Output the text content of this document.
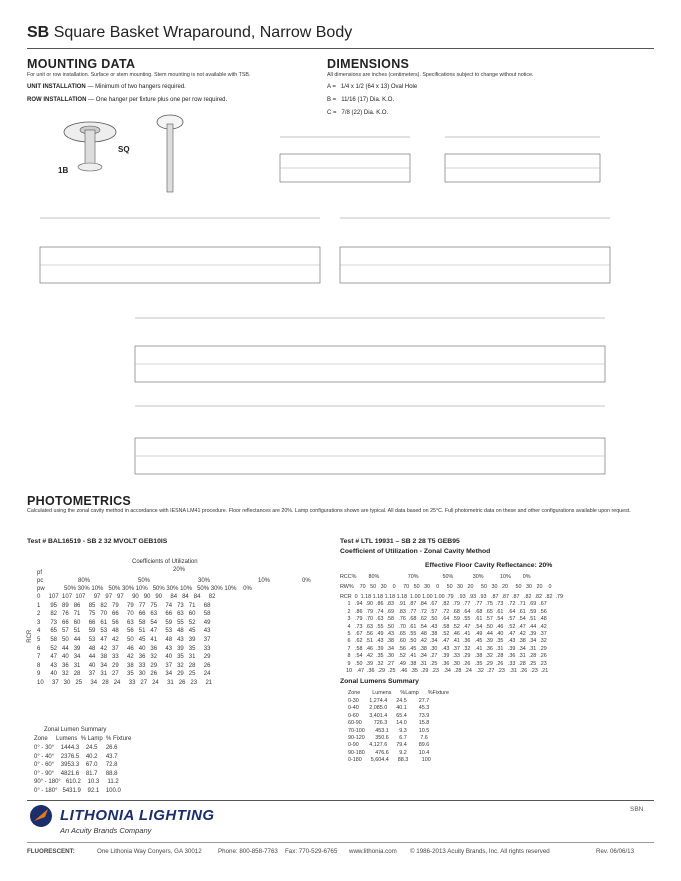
SB Square Basket Wraparound, Narrow Body
MOUNTING DATA
For unit or row installation. Surface or stem mounting. Stem mounting is not available with TSB.
UNIT INSTALLATION — Minimum of two hangers required.
ROW INSTALLATION — One hanger per fixture plus one per row required.
1B
SQ
DIMENSIONS
All dimensions are inches (centimeters). Specifications subject to change without notice.
A = 1/4 x 1/2 (64 x 13) Oval Hole
B = 11/16 (17) Dia. K.O.
C = 7/8 (22) Dia. K.O.
PHOTOMETRICS
Calculated using the zonal cavity method in accordance with IESNA LM41 procedure. Floor reflectances are 20%. Lamp configurations shown are typical. All data based on 25°C. Full photometric data on these and other configurations available upon request.
Test # BAL16519 - SB 2 32 MVOLT GEB10IS
Coefficients of Utilization
20%
pf
pc
pw
80%	50%	30%	10%	0%
50% 30% 10%   50% 30% 10%   50% 30% 10%   50% 30% 10%    0%
RCR
0     107  107  107     97   97   97     90   90   90     84   84   84     82
1      95   89   86     85   82   79     79   77   75     74   73   71     68
2      82   76   71     75   70   66     70   66   63     66   63   60     58
3      73   66   60     66   61   56     63   58   54     59   55   52     49
4      65   57   51     59   53   48     56   51   47     53   48   45     43
5      58   50   44     53   47   42     50   45   41     48   43   39     37
6      52   44   39     48   42   37     46   40   36     43   39   35     33
7      47   40   34     44   38   33     42   36   32     40   35   31     29
8      43   36   31     40   34   29     38   33   29     37   32   28     26
9      40   32   28     37   31   27     35   30   26     34   29   25     24
10     37   30   25     34   28   24     33   27   24     31   26   23     21
Zonal Lumen Summary
Zone     Lumens  % Lamp  % Fixture
0° - 30°    1444.3    24.5     26.6
0° - 40°    2376.5    40.2     43.7
0° - 60°    3953.3    67.0     72.8
0° - 90°    4821.6    81.7     88.8
90° - 180°   610.2    10.3     11.2
0° - 180°   5431.9    92.1    100.0
Test # LTL 19931 – SB 2 28 T5 GEB95
Coefficient of Utilization - Zonal Cavity Method
Effective Floor Cavity Reflectance: 20%
RCC%        80%                   70%                50%             30%           10%        0%
RW%    70   50   30    0     70   50   30    0     50   30   20     50   30   20     50   30   20    0
RCR  0  1.18 1.18 1.18 1.18  1.00 1.00 1.00 .79   .93  .93  .93   .87  .87  .87   .82  .82  .82  .79
1   .94  .90  .86  .83   .91  .87  .84  .67   .82  .79  .77   .77  .75  .73   .72  .71  .69  .67
2   .86  .79  .74  .69   .83  .77  .72  .57   .72  .68  .64   .68  .65  .61   .64  .61  .59  .56
3   .79  .70  .63  .58   .76  .68  .62  .50   .64  .59  .55   .61  .57  .54   .57  .54  .51  .48
4   .73  .63  .55  .50   .70  .61  .54  .43   .58  .52  .47   .54  .50  .46   .52  .47  .44  .42
5   .67  .56  .49  .43   .65  .55  .48  .38   .52  .46  .41   .49  .44  .40   .47  .42  .39  .37
6   .62  .51  .43  .38   .60  .50  .42  .34   .47  .41  .36   .45  .39  .35   .43  .38  .34  .32
7   .58  .46  .39  .34   .56  .45  .38  .30   .43  .37  .32   .41  .36  .31   .39  .34  .31  .29
8   .54  .42  .35  .30   .52  .41  .34  .27   .39  .33  .29   .38  .32  .28   .36  .31  .28  .26
9   .50  .39  .32  .27   .49  .38  .31  .25   .36  .30  .26   .35  .29  .26   .33  .28  .25  .23
10   .47  .36  .29  .25   .46  .35  .29  .23   .34  .28  .24   .32  .27  .23   .31  .26  .23  .21
Zonal Lumens Summary
Zone        Lumens      %Lamp      %Fixture
0-30       1,274.4      24.5        27.7
0-40       2,085.0      40.1        45.3
0-60       3,401.4      65.4        73.9
60-90        726.3      14.0        15.8
70-100       453.1       9.3        10.5
90-120       350.6       6.7         7.6
0-90       4,127.6      79.4        89.6
90-180       476.6       9.2        10.4
0-180      5,604.4      88.3         100
LITHONIA LIGHTING
An Acuity Brands Company
SBN
FLUORESCENT:	One Lithonia Way Conyers, GA 30012	Phone: 800-858-7763 Fax: 770-529-6765 www.lithonia.com © 1986-2013 Acuity Brands, Inc. All rights reserved	Rev. 06/06/13
